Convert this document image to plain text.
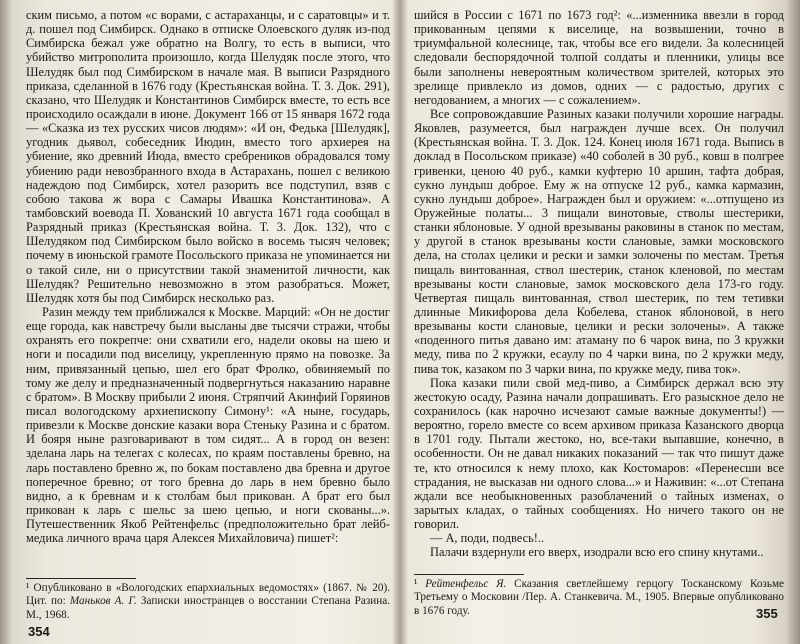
ским письмо, а потом «с ворами, с астараханцы, и с саратовцы» и т. д. пошел под Симбирск. Однако в отписке Олоевского дуляк из-под Симбирска бежал уже обратно на Волгу, то есть в выписи, что убийство митрополита произошло, когда Шелудяк после этого, что Шелудяк был под Симбирском в начале мая. В выписи Разрядного приказа, сделанной в 1676 году (Крестьянская война. Т. 3. Док. 291), сказано, что Шелудяк и Константинов Симбирск вместе, то есть все происходило осаждали в июне. Документ 166 от 15 января 1672 года — «Сказка из тех русских чисов людям»: «И он, Федька [Шелудяк], угодник дьявол, собеседник Июдин, вместо того архиерея на убиение, яко древний Июда, вместо сребреников обрадовался тому убиению ради невозбранного входа в Астарахань, пошел с великою надеждою под Симбирск, хотел разорить все подступил, взяв с собою такова ж вора с Самары Ивашка Константинова». А тамбовский воевода П. Хованский 10 августа 1671 года сообщал в Разрядный приказ (Крестьянская война. Т. 3. Док. 132), что с Шелудяком под Симбирском было войско в восемь тысяч человек; почему в июньской грамоте Посольского приказа не упоминается ни о такой силе, ни о присутствии такой знаменитой личности, как Шелудяк? Решительно невозможно в этом разобраться. Может, Шелудяк хотя бы под Симбирск несколько раз.

Разин между тем приближался к Москве. Марций: «Он не достиг еще города, как навстречу были высланы две тысячи стражи, чтобы охранять его покрепче: они схватили его, надели оковы на шею и ноги и посадили под виселицу, укрепленную прямо на повозке. За ним, привязанный цепью, шел его брат Фролко, обвиняемый по тому же делу и предназначенный подвергнуться наказанию наравне с братом». В Москву прибыли 2 июня. Стряпчий Акинфий Горяинов писал вологодскому архиепископу Симону¹: «А ныне, государь, привезли к Москве донские казаки вора Стеньку Разина и с братом. И бояря ныне разговаривают в том сидят... А в город он везен: зделана ларь на телегах с колесах, по краям поставлены бревно, на ларь поставлено бревно ж, по бокам поставлено два бревна и другое поперечное бревно; от того бревна до ларь в нем бревно было видно, а к бревнам и к столбам был прикован. А брат его был прикован к ларь с шельс за шею цепью, и ноги скованы...». Путешественник Якоб Рейтенфельс (предположительно брат лейб-медика личного врача царя Алексея Михайловича) пишет²:

¹ Опубликовано в «Вологодских епархиальных ведомостях» (1867. № 20). Цит. по: Маньков А. Г. Записки иностранцев о восстании Степана Разина. М., 1968.
354

шийся в России с 1671 по 1673 год²: «...изменника ввезли в город прикованным цепями к виселице, на возвышении, точно в триумфальной колеснице, так, чтобы все его видели. За колесницей следовали беспорядочной толпой солдаты и пленники, улицы все были заполнены невероятным количеством зрителей, которых это зрелище привлекло из домов, одних — с радостью, других с негодованием, а многих — с сожалением».

Все сопровождавшие Разиных казаки получили хорошие награды. Яковлев, разумеется, был награжден лучше всех. Он получил (Крестьянская война. Т. 3. Док. 124. Конец июля 1671 года. Выпись в доклад в Посольском приказе) «40 соболей в 30 руб., ковш в полгрее гривенки, ценою 40 руб., камки куфтерю 10 аршин, тафта добрая, сукно лундыш доброе. Ему ж на отпуске 12 руб., камка кармазин, сукно лундыш доброе». Награжден был и оружием: «...отпущено из Оружейные полаты... 3 пищали винотовые, стволы шестерики, станки яблоновые. У одной врезываны раковины в станок по местам, у другой в станок врезываны кости слановые, замки московского дела, на столах целики и рески и замки золочены по местам. Третья пищаль винтованная, ствол шестерик, станок кленовой, по местам врезываны кости слановые, замок московского дела 173-го году. Четвертая пищаль винтованная, ствол шестерик, по тем тетивки длинные Микифорова дела Кобелева, станок яблоновой, в него врезываны кости слановые, целики и рески золочены». А также «поденного питья давано им: атаману по 6 чарок вина, по 3 кружки меду, пива по 2 кружки, есаулу по 4 чарки вина, по 2 кружки меду, пива ток, казаком по 3 чарки вина, по кружке меду, пива ток».

Пока казаки пили свой мед-пиво, а Симбирск держал всю эту жестокую осаду, Разина начали допрашивать. Его разыскное дело не сохранилось (как нарочно исчезают самые важные документы!) — вероятно, горело вместе со всем архивом приказа Казанского дворца в 1701 году. Пытали жестоко, но, все-таки выпавшие, конечно, в особенности. Он не давал никаких показаний — так что пишут даже те, кто относился к нему плохо, как Костомаров: «Перенесши все страдания, не высказав ни одного слова...» и Наживин: «...от Степана ждали все необыкновенных разоблачений о тайных изменах, о зарытых кладах, о тайных сообщениях. Но ничего такого он не говорил.

— А, поди, подвесь!..

Палачи вздернули его вверх, изодрали всю его спину кнутами..

¹ Рейтенфельс Я. Сказания светлейшему герцогу Тосканскому Козьме Третьему о Московии /Пер. А. Станкевича. М., 1905. Впервые опубликовано в 1676 году.	355
